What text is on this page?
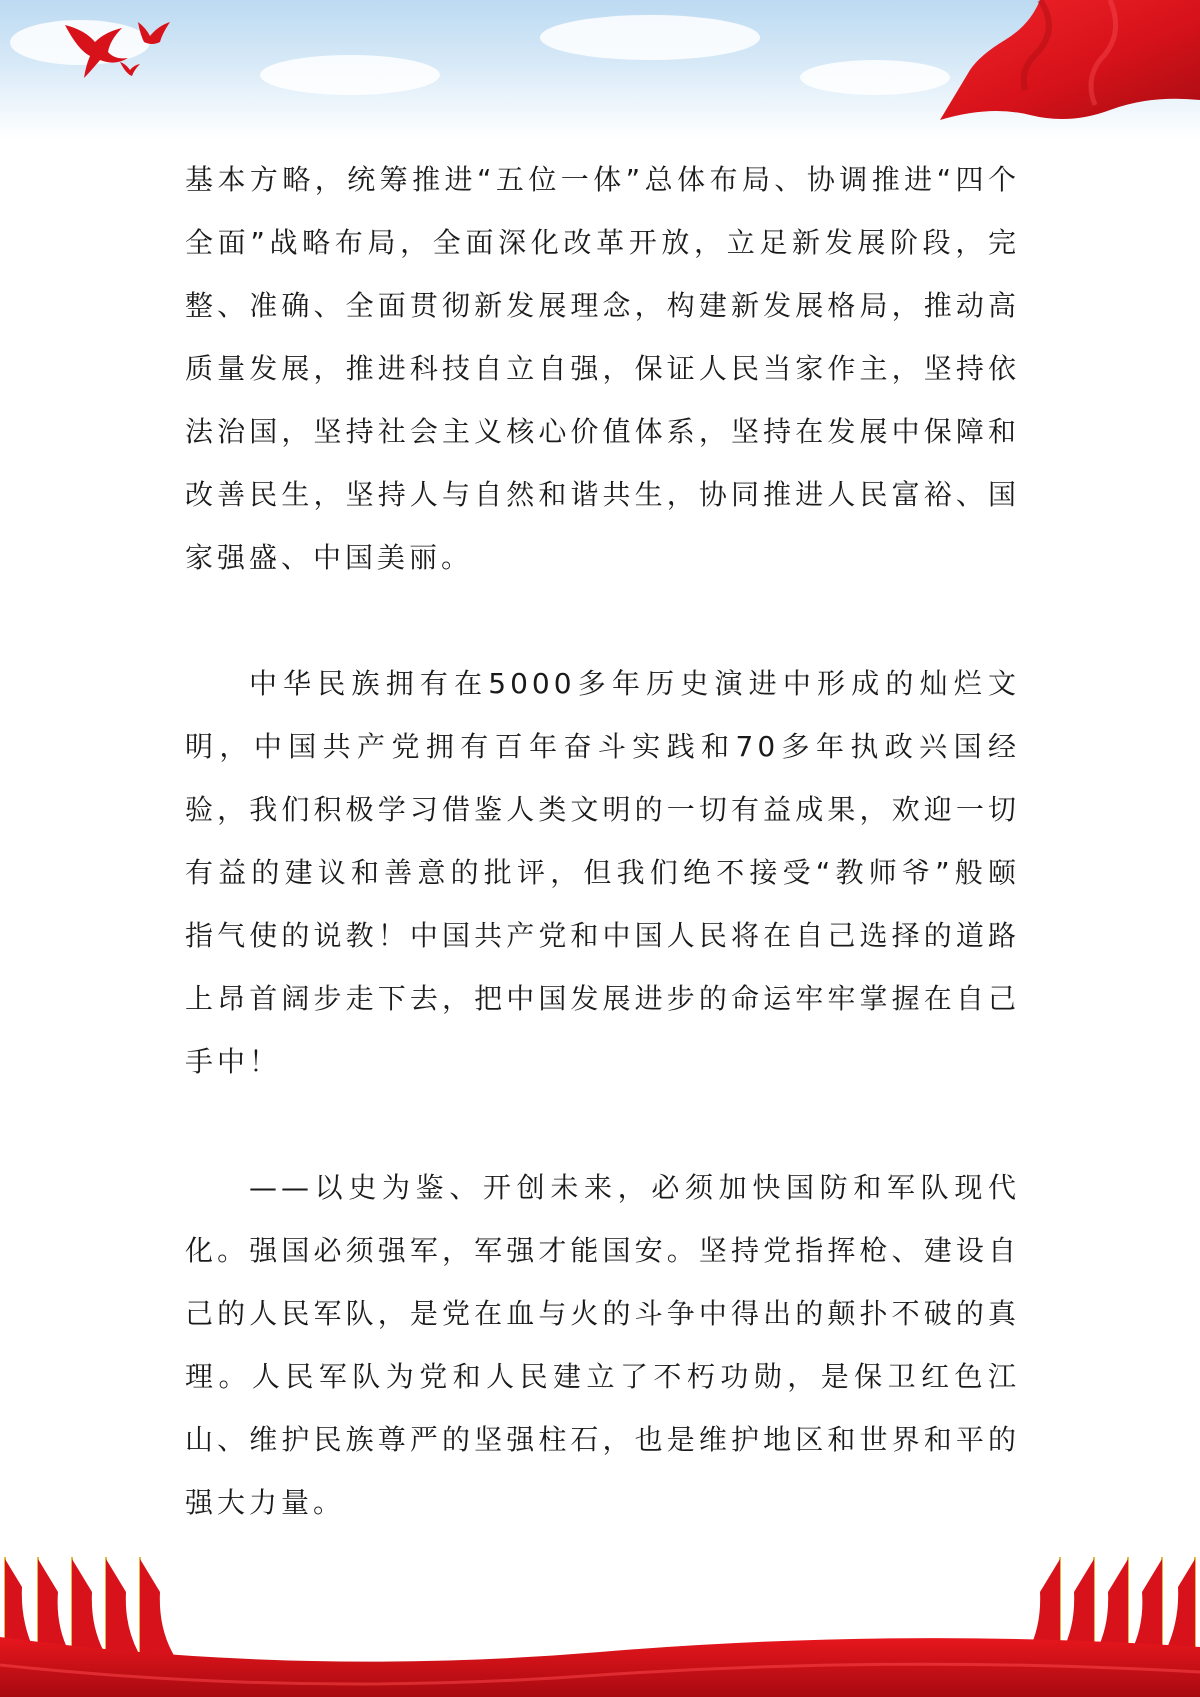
基本方略，统筹推进“五位一体”总体布局、协调推进“四个全面”战略布局，全面深化改革开放，立足新发展阶段，完整、准确、全面贯彻新发展理念，构建新发展格局，推动高质量发展，推进科技自立自强，保证人民当家作主，坚持依法治国，坚持社会主义核心价值体系，坚持在发展中保障和改善民生，坚持人与自然和谐共生，协同推进人民富裕、国家强盛、中国美丽。

中华民族拥有在5000多年历史演进中形成的灿烂文明，中国共产党拥有百年奋斗实践和70多年执政兴国经验，我们积极学习借鉴人类文明的一切有益成果，欢迎一切有益的建议和善意的批评，但我们绝不接受“教师爷”般颐指气使的说教！中国共产党和中国人民将在自己选择的道路上昂首阔步走下去，把中国发展进步的命运牢牢掌握在自己手中！

——以史为鉴、开创未来，必须加快国防和军队现代化。强国必须强军，军强才能国安。坚持党指挥枪、建设自己的人民军队，是党在血与火的斗争中得出的颠扑不破的真理。人民军队为党和人民建立了不朽功勋，是保卫红色江山、维护民族尊严的坚强柱石，也是维护地区和世界和平的强大力量。
